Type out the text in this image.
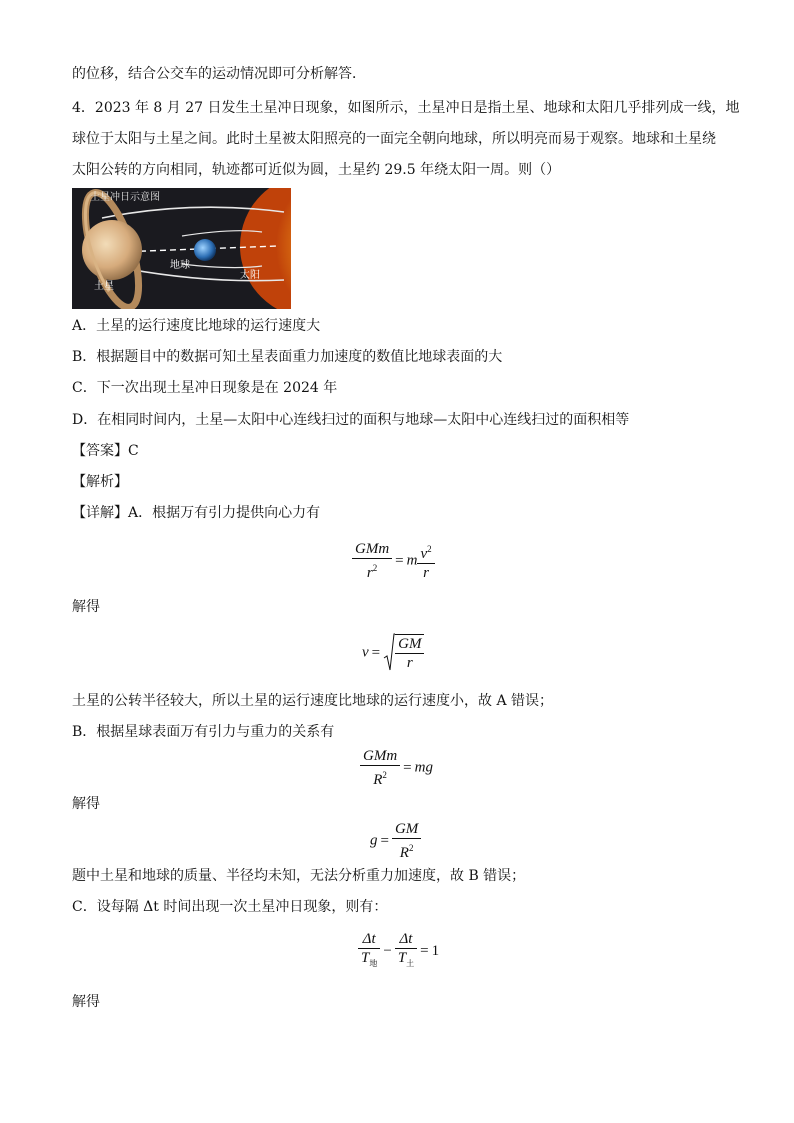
的位移，结合公交车的运动情况即可分析解答．
4．2023 年 8 月 27 日发生土星冲日现象，如图所示，土星冲日是指土星、地球和太阳几乎排列成一线，地
球位于太阳与土星之间。此时土星被太阳照亮的一面完全朝向地球，所以明亮而易于观察。地球和土星绕
太阳公转的方向相同，轨迹都可近似为圆，土星约 29.5 年绕太阳一周。则（）
土星冲日示意图
地球
太阳
土星
A．土星的运行速度比地球的运行速度大
B．根据题目中的数据可知土星表面重力加速度的数值比地球表面的大
C．下一次出现土星冲日现象是在 2024 年
D．在相同时间内，土星—太阳中心连线扫过的面积与地球—太阳中心连线扫过的面积相等
【答案】C
【解析】
【详解】A．根据万有引力提供向心力有
$\frac{\text{GMm}}{r^2} = m \frac{v^2}{r}$
解得
$v = \frac{GM}{r}$
土星的公转半径较大，所以土星的运行速度比地球的运行速度小，故 A 错误；
B．根据星球表面万有引力与重力的关系有
$\frac{\text{GMm}}{R^2}$ = mg
解得
$g = \frac{GM}{R^2}$
题中土星和地球的质量、半径均未知，无法分析重力加速度，故 B 错误；
C．设每隔 Δt 时间出现一次土星冲日现象，则有：
$\frac{\Delta t}{T_地} - \frac{\Delta t}{T_土} = 1$
解得
